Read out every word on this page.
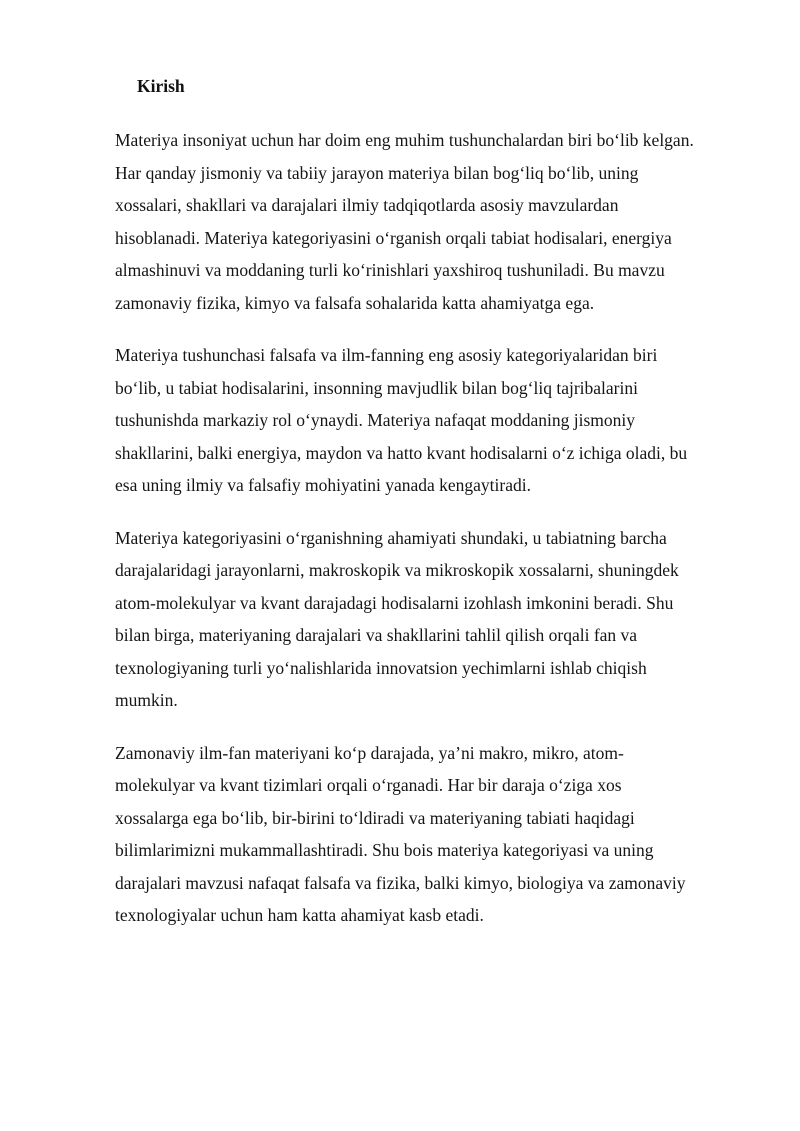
Kirish

Materiya insoniyat uchun har doim eng muhim tushunchalardan biri bo‘lib kelgan.
Har qanday jismoniy va tabiiy jarayon materiya bilan bog‘liq bo‘lib, uning
xossalari, shakllari va darajalari ilmiy tadqiqotlarda asosiy mavzulardan
hisoblanadi. Materiya kategoriyasini o‘rganish orqali tabiat hodisalari, energiya
almashinuvi va moddaning turli ko‘rinishlari yaxshiroq tushuniladi. Bu mavzu
zamonaviy fizika, kimyo va falsafa sohalarida katta ahamiyatga ega.

Materiya tushunchasi falsafa va ilm-fanning eng asosiy kategoriyalaridan biri
bo‘lib, u tabiat hodisalarini, insonning mavjudlik bilan bog‘liq tajribalarini
tushunishda markaziy rol o‘ynaydi. Materiya nafaqat moddaning jismoniy
shakllarini, balki energiya, maydon va hatto kvant hodisalarni o‘z ichiga oladi, bu
esa uning ilmiy va falsafiy mohiyatini yanada kengaytiradi.

Materiya kategoriyasini o‘rganishning ahamiyati shundaki, u tabiatning barcha
darajalaridagi jarayonlarni, makroskopik va mikroskopik xossalarni, shuningdek
atom-molekulyar va kvant darajadagi hodisalarni izohlash imkonini beradi. Shu
bilan birga, materiyaning darajalari va shakllarini tahlil qilish orqali fan va
texnologiyaning turli yo‘nalishlarida innovatsion yechimlarni ishlab chiqish
mumkin.

Zamonaviy ilm-fan materiyani ko‘p darajada, ya’ni makro, mikro, atom-
molekulyar va kvant tizimlari orqali o‘rganadi. Har bir daraja o‘ziga xos
xossalarga ega bo‘lib, bir-birini to‘ldiradi va materiyaning tabiati haqidagi
bilimlarimizni mukammallashtiradi. Shu bois materiya kategoriyasi va uning
darajalari mavzusi nafaqat falsafa va fizika, balki kimyo, biologiya va zamonaviy
texnologiyalar uchun ham katta ahamiyat kasb etadi.
